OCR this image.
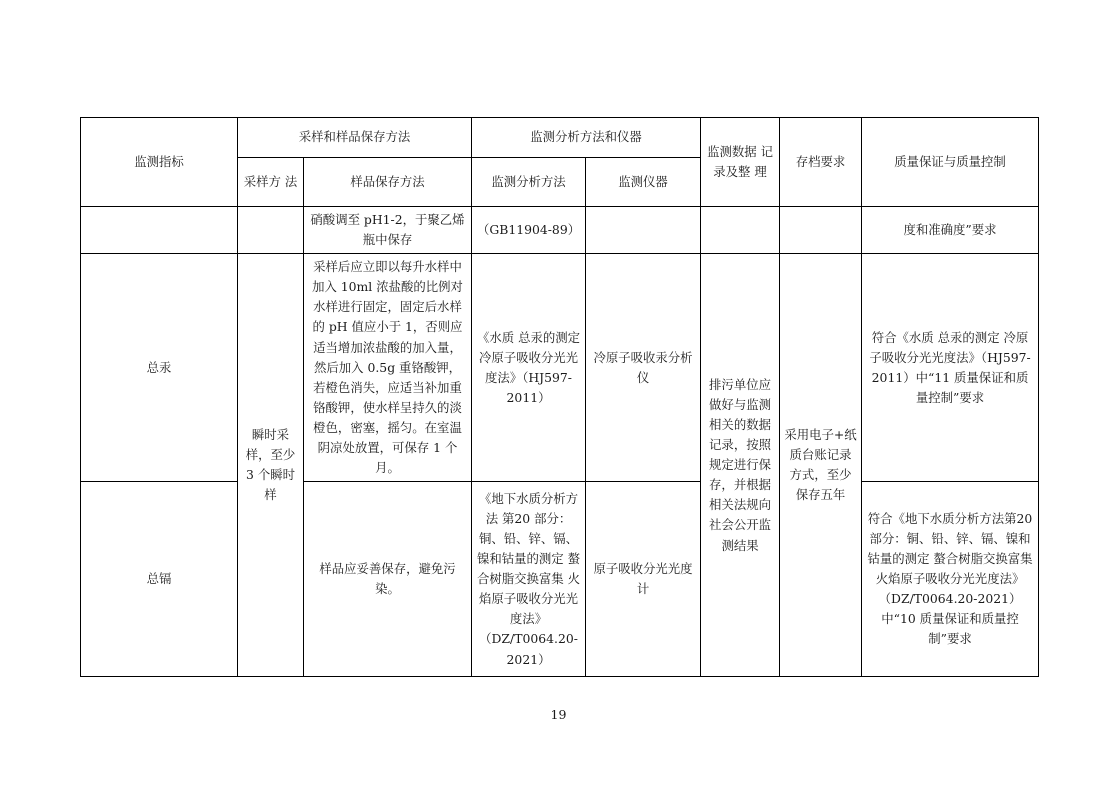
监测指标	采样和样品保存方法		监测分析方法和仪器		监测数据 记录及整 理	存档要求	质量保证与质量控制
	采样方 法	样品保存方法	监测分析方法	监测仪器			
		硝酸调至 pH1-2，于聚乙烯瓶中保存	（GB11904-89）				度和准确度”要求
总汞	瞬时采样，至少 3 个瞬时样	采样后应立即以每升水样中加入 10ml 浓盐酸的比例对水样进行固定，固定后水样的 pH 值应小于 1，否则应适当增加浓盐酸的加入量，然后加入 0.5g 重铬酸钾，若橙色消失，应适当补加重铬酸钾，使水样呈持久的淡橙色，密塞，摇匀。在室温阴凉处放置，可保存 1 个月。	《水质 总汞的测定 冷原子吸收分光光度法》（HJ597-2011）	冷原子吸收汞分析仪	排污单位应做好与监测相关的数据记录，按照规定进行保存，并根据相关法规向社会公开监测结果	采用电子+纸质台账记录方式，至少保存五年	符合《水质 总汞的测定 冷原子吸收分光光度法》（HJ597-2011）中“11 质量保证和质量控制”要求
总镉		样品应妥善保存，避免污染。	《地下水质分析方法 第20 部分：铜、铅、锌、镉、镍和钴量的测定 螯合树脂交换富集 火焰原子吸收分光光度法》（DZ/T0064.20-2021）	原子吸收分光光度计			符合《地下水质分析方法第20 部分：铜、铅、锌、镉、镍和钴量的测定 螯合树脂交换富集 火焰原子吸收分光光度法》（DZ/T0064.20-2021）中“10 质量保证和质量控制”要求
19
